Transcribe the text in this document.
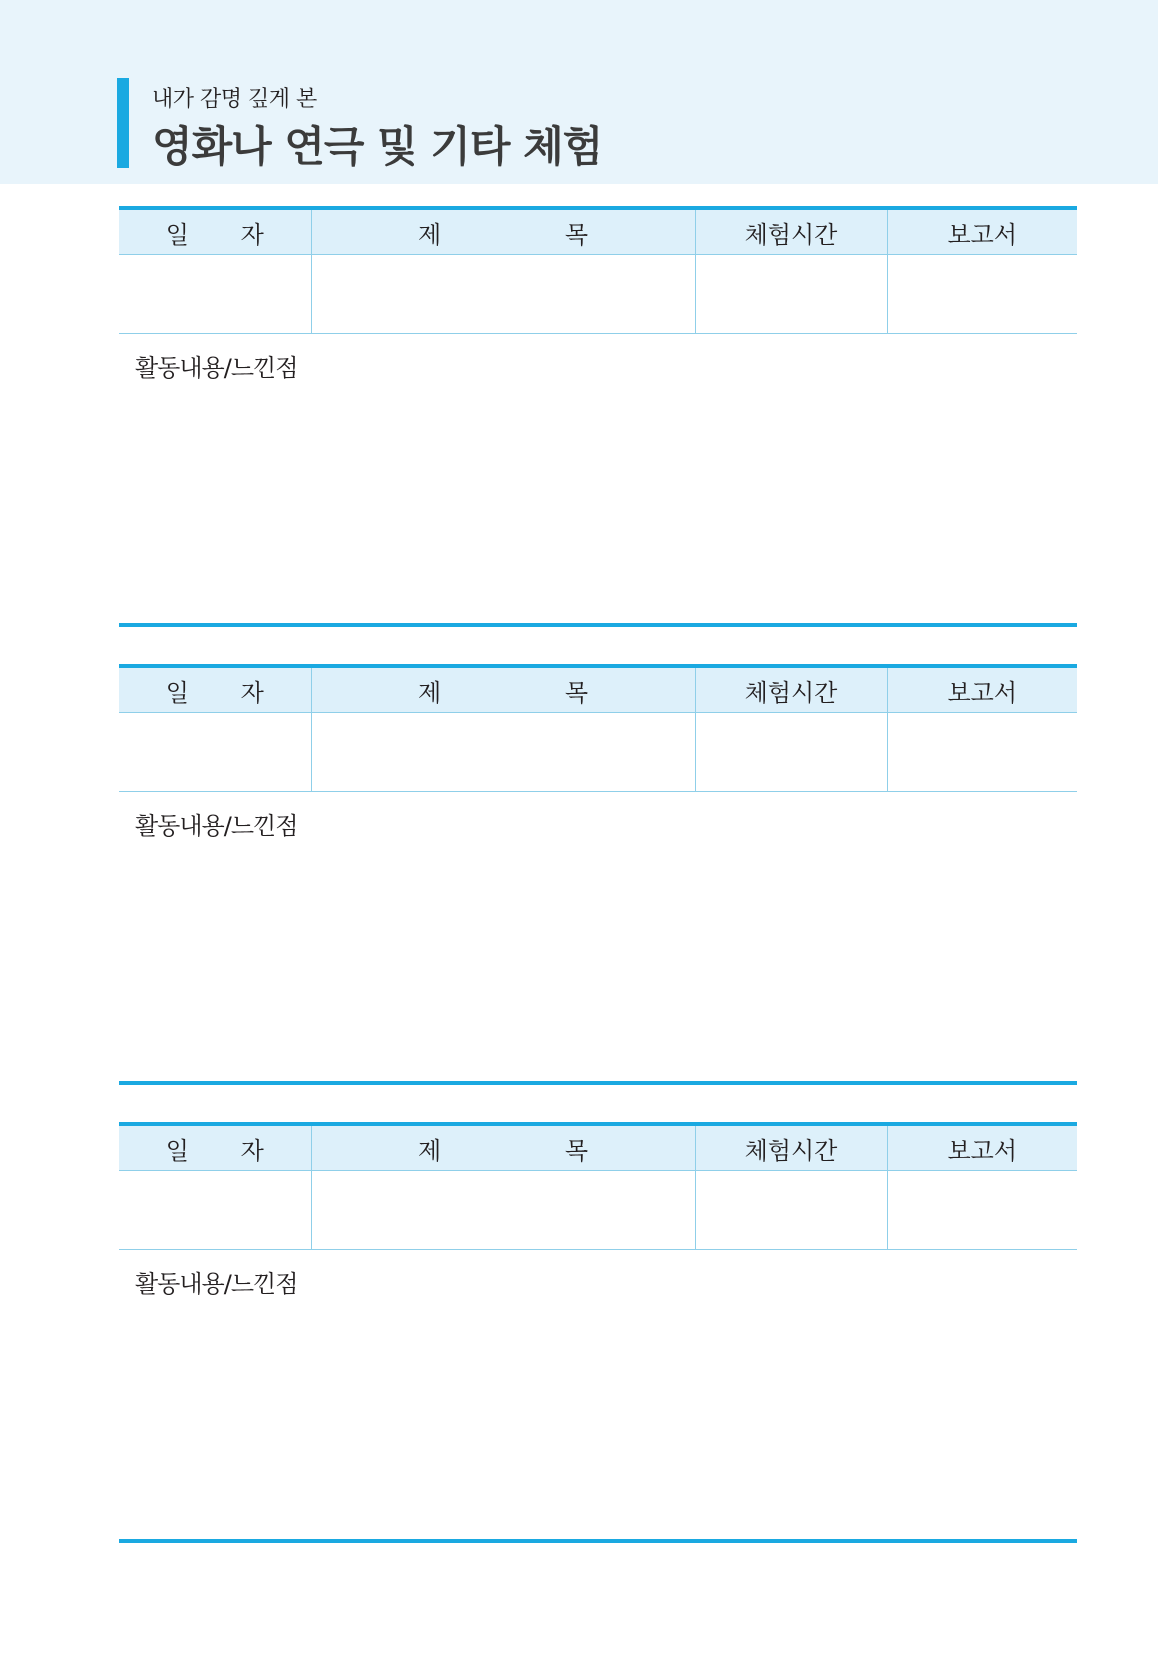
내가 감명 깊게 본
영화나 연극 및 기타 체험
일 자	제 목	체험시간	보고서

활동내용/느낀점
일 자	제 목	체험시간	보고서

활동내용/느낀점
일 자	제 목	체험시간	보고서

활동내용/느낀점
